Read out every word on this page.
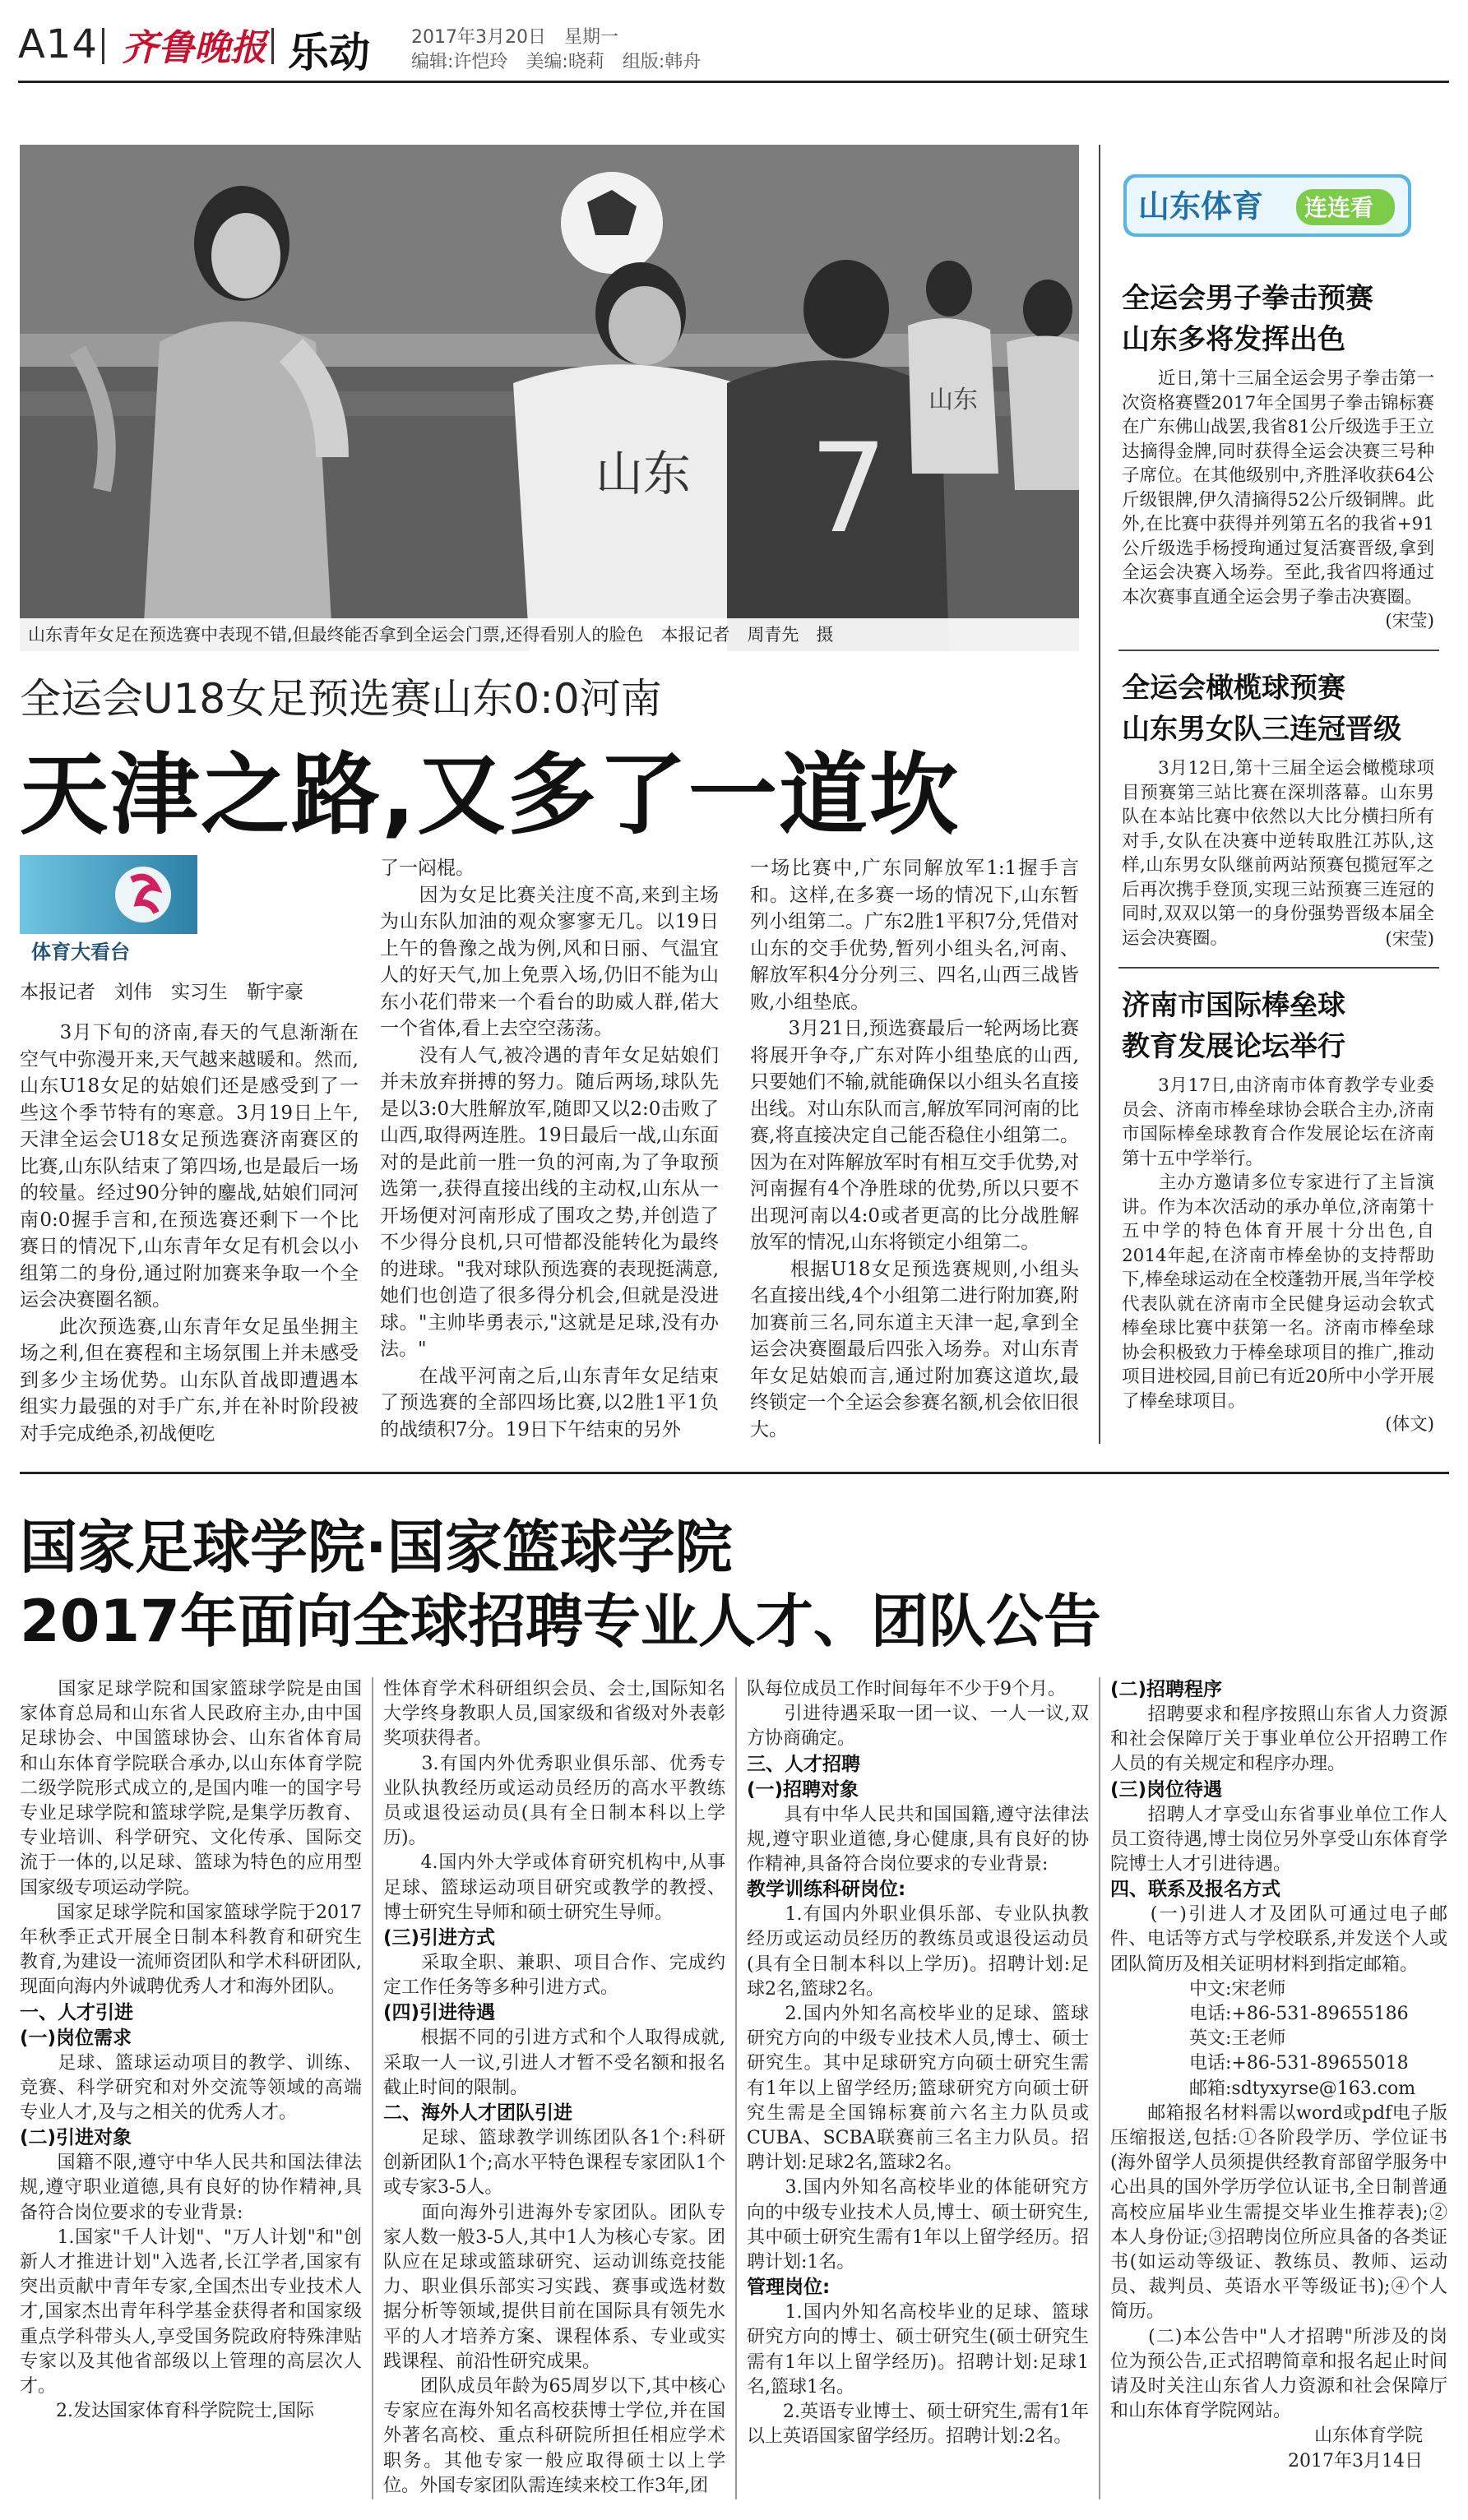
A14 齐鲁晚报 乐动 2017年3月20日　星期一
编辑:许恺玲　美编:晓莉　组版:韩舟
山东 7
山东
山东青年女足在预选赛中表现不错,但最终能否拿到全运会门票,还得看别人的脸色　本报记者　周青先　摄
全运会U18女足预选赛山东0:0河南
天津之路,又多了一道坎
体育大看台
本报记者　刘伟　实习生　靳宇豪
　　3月下旬的济南,春天的气息渐渐在空气中弥漫开来,天气越来越暖和。然而,山东U18女足的姑娘们还是感受到了一些这个季节特有的寒意。3月19日上午,天津全运会U18女足预选赛济南赛区的比赛,山东队结束了第四场,也是最后一场的较量。经过90分钟的鏖战,姑娘们同河南0:0握手言和,在预选赛还剩下一个比赛日的情况下,山东青年女足有机会以小组第二的身份,通过附加赛来争取一个全运会决赛圈名额。
　　此次预选赛,山东青年女足虽坐拥主场之利,但在赛程和主场氛围上并未感受到多少主场优势。山东队首战即遭遇本组实力最强的对手广东,并在补时阶段被对手完成绝杀,初战便吃
了一闷棍。
　　因为女足比赛关注度不高,来到主场为山东队加油的观众寥寥无几。以19日上午的鲁豫之战为例,风和日丽、气温宜人的好天气,加上免票入场,仍旧不能为山东小花们带来一个看台的助威人群,偌大一个省体,看上去空空荡荡。
　　没有人气,被冷遇的青年女足姑娘们并未放弃拼搏的努力。随后两场,球队先是以3:0大胜解放军,随即又以2:0击败了山西,取得两连胜。19日最后一战,山东面对的是此前一胜一负的河南,为了争取预选第一,获得直接出线的主动权,山东从一开场便对河南形成了围攻之势,并创造了不少得分良机,只可惜都没能转化为最终的进球。"我对球队预选赛的表现挺满意,她们也创造了很多得分机会,但就是没进球。"主帅毕勇表示,"这就是足球,没有办法。"
　　在战平河南之后,山东青年女足结束了预选赛的全部四场比赛,以2胜1平1负的战绩积7分。19日下午结束的另外
一场比赛中,广东同解放军1:1握手言和。这样,在多赛一场的情况下,山东暂列小组第二。广东2胜1平积7分,凭借对山东的交手优势,暂列小组头名,河南、解放军积4分分列三、四名,山西三战皆败,小组垫底。
　　3月21日,预选赛最后一轮两场比赛将展开争夺,广东对阵小组垫底的山西,只要她们不输,就能确保以小组头名直接出线。对山东队而言,解放军同河南的比赛,将直接决定自己能否稳住小组第二。因为在对阵解放军时有相互交手优势,对河南握有4个净胜球的优势,所以只要不出现河南以4:0或者更高的比分战胜解放军的情况,山东将锁定小组第二。
　　根据U18女足预选赛规则,小组头名直接出线,4个小组第二进行附加赛,附加赛前三名,同东道主天津一起,拿到全运会决赛圈最后四张入场券。对山东青年女足姑娘而言,通过附加赛这道坎,最终锁定一个全运会参赛名额,机会依旧很大。
山东体育 连连看
全运会男子拳击预赛
山东多将发挥出色
　　近日,第十三届全运会男子拳击第一次资格赛暨2017年全国男子拳击锦标赛在广东佛山战罢,我省81公斤级选手王立达摘得金牌,同时获得全运会决赛三号种子席位。在其他级别中,齐胜泽收获64公斤级银牌,伊久清摘得52公斤级铜牌。此外,在比赛中获得并列第五名的我省+91公斤级选手杨授珣通过复活赛晋级,拿到全运会决赛入场券。至此,我省四将通过本次赛事直通全运会男子拳击决赛圈。
(宋莹)
全运会橄榄球预赛
山东男女队三连冠晋级
　　3月12日,第十三届全运会橄榄球项目预赛第三站比赛在深圳落幕。山东男队在本站比赛中依然以大比分横扫所有对手,女队在决赛中逆转取胜江苏队,这样,山东男女队继前两站预赛包揽冠军之后再次携手登顶,实现三站预赛三连冠的同时,双双以第一的身份强势晋级本届全运会决赛圈。	(宋莹)
济南市国际棒垒球
教育发展论坛举行
　　3月17日,由济南市体育教学专业委员会、济南市棒垒球协会联合主办,济南市国际棒垒球教育合作发展论坛在济南第十五中学举行。
　　主办方邀请多位专家进行了主旨演讲。作为本次活动的承办单位,济南第十五中学的特色体育开展十分出色,自2014年起,在济南市棒垒协的支持帮助下,棒垒球运动在全校蓬勃开展,当年学校代表队就在济南市全民健身运动会软式棒垒球比赛中获第一名。济南市棒垒球协会积极致力于棒垒球项目的推广,推动项目进校园,目前已有近20所中小学开展了棒垒球项目。
(体文)
国家足球学院·国家篮球学院
2017年面向全球招聘专业人才、团队公告
　　国家足球学院和国家篮球学院是由国家体育总局和山东省人民政府主办,由中国足球协会、中国篮球协会、山东省体育局和山东体育学院联合承办,以山东体育学院二级学院形式成立的,是国内唯一的国字号专业足球学院和篮球学院,是集学历教育、专业培训、科学研究、文化传承、国际交流于一体的,以足球、篮球为特色的应用型国家级专项运动学院。
　　国家足球学院和国家篮球学院于2017年秋季正式开展全日制本科教育和研究生教育,为建设一流师资团队和学术科研团队,现面向海内外诚聘优秀人才和海外团队。
一、人才引进
(一)岗位需求
　　足球、篮球运动项目的教学、训练、竞赛、科学研究和对外交流等领域的高端专业人才,及与之相关的优秀人才。
(二)引进对象
　　国籍不限,遵守中华人民共和国法律法规,遵守职业道德,具有良好的协作精神,具备符合岗位要求的专业背景:
　　1.国家"千人计划"、"万人计划"和"创新人才推进计划"入选者,长江学者,国家有突出贡献中青年专家,全国杰出专业技术人才,国家杰出青年科学基金获得者和国家级重点学科带头人,享受国务院政府特殊津贴专家以及其他省部级以上管理的高层次人才。
　　2.发达国家体育科学院院士,国际
性体育学术科研组织会员、会士,国际知名大学终身教职人员,国家级和省级对外表彰奖项获得者。
　　3.有国内外优秀职业俱乐部、优秀专业队执教经历或运动员经历的高水平教练员或退役运动员(具有全日制本科以上学历)。
　　4.国内外大学或体育研究机构中,从事足球、篮球运动项目研究或教学的教授、博士研究生导师和硕士研究生导师。
(三)引进方式
　　采取全职、兼职、项目合作、完成约定工作任务等多种引进方式。
(四)引进待遇
　　根据不同的引进方式和个人取得成就,采取一人一议,引进人才暂不受名额和报名截止时间的限制。
二、海外人才团队引进
　　足球、篮球教学训练团队各1个:科研创新团队1个;高水平特色课程专家团队1个或专家3-5人。
　　面向海外引进海外专家团队。团队专家人数一般3-5人,其中1人为核心专家。团队应在足球或篮球研究、运动训练竞技能力、职业俱乐部实习实践、赛事或选材数据分析等领域,提供目前在国际具有领先水平的人才培养方案、课程体系、专业或实践课程、前沿性研究成果。
　　团队成员年龄为65周岁以下,其中核心专家应在海外知名高校获博士学位,并在国外著名高校、重点科研院所担任相应学术职务。其他专家一般应取得硕士以上学位。外国专家团队需连续来校工作3年,团
队每位成员工作时间每年不少于9个月。
　　引进待遇采取一团一议、一人一议,双方协商确定。
三、人才招聘
(一)招聘对象
　　具有中华人民共和国国籍,遵守法律法规,遵守职业道德,身心健康,具有良好的协作精神,具备符合岗位要求的专业背景:
教学训练科研岗位:
　　1.有国内外职业俱乐部、专业队执教经历或运动员经历的教练员或退役运动员(具有全日制本科以上学历)。招聘计划:足球2名,篮球2名。
　　2.国内外知名高校毕业的足球、篮球研究方向的中级专业技术人员,博士、硕士研究生。其中足球研究方向硕士研究生需有1年以上留学经历;篮球研究方向硕士研究生需是全国锦标赛前六名主力队员或CUBA、SCBA联赛前三名主力队员。招聘计划:足球2名,篮球2名。
　　3.国内外知名高校毕业的体能研究方向的中级专业技术人员,博士、硕士研究生,其中硕士研究生需有1年以上留学经历。招聘计划:1名。
管理岗位:
　　1.国内外知名高校毕业的足球、篮球研究方向的博士、硕士研究生(硕士研究生需有1年以上留学经历)。招聘计划:足球1名,篮球1名。
　　2.英语专业博士、硕士研究生,需有1年以上英语国家留学经历。招聘计划:2名。
(二)招聘程序
　　招聘要求和程序按照山东省人力资源和社会保障厅关于事业单位公开招聘工作人员的有关规定和程序办理。
(三)岗位待遇
　　招聘人才享受山东省事业单位工作人员工资待遇,博士岗位另外享受山东体育学院博士人才引进待遇。
四、联系及报名方式
　　(一)引进人才及团队可通过电子邮件、电话等方式与学校联系,并发送个人或团队简历及相关证明材料到指定邮箱。
中文:宋老师
电话:+86-531-89655186
英文:王老师
电话:+86-531-89655018
邮箱:sdtyxyrse@163.com
　　邮箱报名材料需以word或pdf电子版压缩报送,包括:①各阶段学历、学位证书(海外留学人员须提供经教育部留学服务中心出具的国外学历学位认证书,全日制普通高校应届毕业生需提交毕业生推荐表);②本人身份证;③招聘岗位所应具备的各类证书(如运动等级证、教练员、教师、运动员、裁判员、英语水平等级证书);④个人简历。
　　(二)本公告中"人才招聘"所涉及的岗位为预公告,正式招聘简章和报名起止时间请及时关注山东省人力资源和社会保障厅和山东体育学院网站。
山东体育学院
2017年3月14日
